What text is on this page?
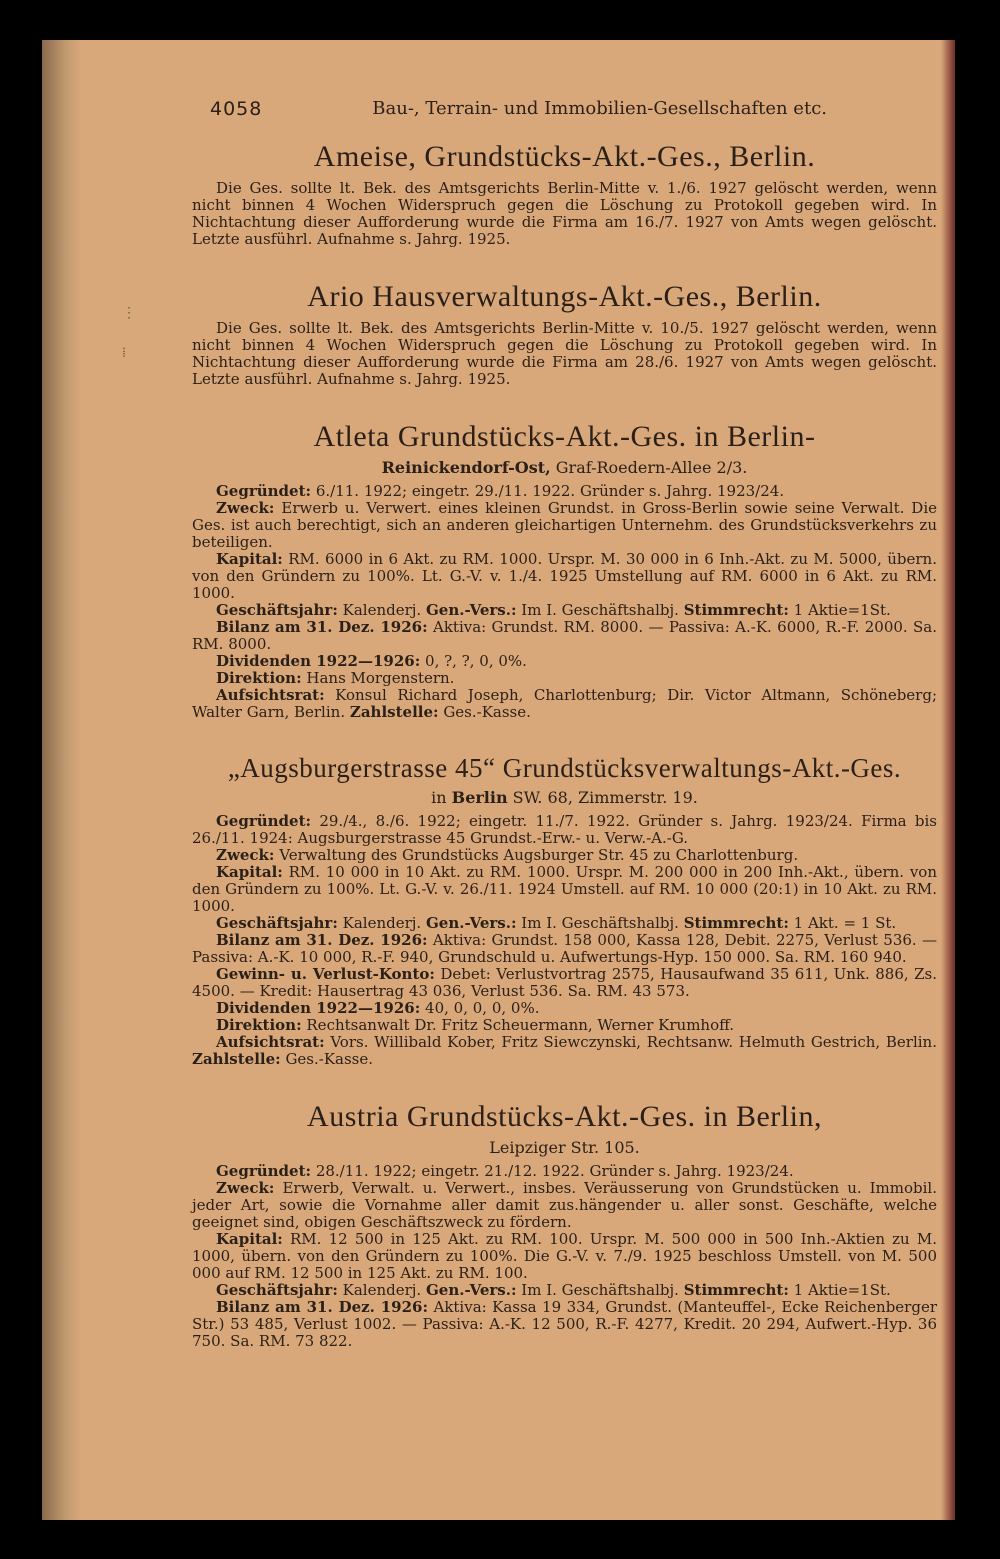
⋮
⁞
4058	Bau-, Terrain- und Immobilien-Gesellschaften etc.
Ameise, Grundstücks-Akt.-Ges., Berlin.

Die Ges. sollte lt. Bek. des Amtsgerichts Berlin-Mitte v. 1./6. 1927 gelöscht werden, wenn nicht binnen 4 Wochen Widerspruch gegen die Löschung zu Protokoll gegeben wird. In Nichtachtung dieser Aufforderung wurde die Firma am 16./7. 1927 von Amts wegen gelöscht. Letzte ausführl. Aufnahme s. Jahrg. 1925.

Ario Hausverwaltungs-Akt.-Ges., Berlin.

Die Ges. sollte lt. Bek. des Amtsgerichts Berlin-Mitte v. 10./5. 1927 gelöscht werden, wenn nicht binnen 4 Wochen Widerspruch gegen die Löschung zu Protokoll gegeben wird. In Nichtachtung dieser Aufforderung wurde die Firma am 28./6. 1927 von Amts wegen gelöscht. Letzte ausführl. Aufnahme s. Jahrg. 1925.

Atleta Grundstücks-Akt.-Ges. in Berlin-
Reinickendorf-Ost, Graf-Roedern-Allee 2/3.

Gegründet: 6./11. 1922; eingetr. 29./11. 1922. Gründer s. Jahrg. 1923/24.

Zweck: Erwerb u. Verwert. eines kleinen Grundst. in Gross-Berlin sowie seine Verwalt. Die Ges. ist auch berechtigt, sich an anderen gleichartigen Unternehm. des Grundstücksverkehrs zu beteiligen.

Kapital: RM. 6000 in 6 Akt. zu RM. 1000. Urspr. M. 30 000 in 6 Inh.-Akt. zu M. 5000, übern. von den Gründern zu 100%. Lt. G.-V. v. 1./4. 1925 Umstellung auf RM. 6000 in 6 Akt. zu RM. 1000.

Geschäftsjahr: Kalenderj. Gen.-Vers.: Im I. Geschäftshalbj. Stimmrecht: 1 Aktie=1St.

Bilanz am 31. Dez. 1926: Aktiva: Grundst. RM. 8000. — Passiva: A.-K. 6000, R.-F. 2000. Sa. RM. 8000.

Dividenden 1922—1926: 0, ?, ?, 0, 0%.

Direktion: Hans Morgenstern.

Aufsichtsrat: Konsul Richard Joseph, Charlottenburg; Dir. Victor Altmann, Schöneberg; Walter Garn, Berlin. Zahlstelle: Ges.-Kasse.

„Augsburgerstrasse 45“ Grundstücksverwaltungs-Akt.-Ges.
in Berlin SW. 68, Zimmerstr. 19.

Gegründet: 29./4., 8./6. 1922; eingetr. 11./7. 1922. Gründer s. Jahrg. 1923/24. Firma bis 26./11. 1924: Augsburgerstrasse 45 Grundst.-Erw.- u. Verw.-A.-G.

Zweck: Verwaltung des Grundstücks Augsburger Str. 45 zu Charlottenburg.

Kapital: RM. 10 000 in 10 Akt. zu RM. 1000. Urspr. M. 200 000 in 200 Inh.-Akt., übern. von den Gründern zu 100%. Lt. G.-V. v. 26./11. 1924 Umstell. auf RM. 10 000 (20:1) in 10 Akt. zu RM. 1000.

Geschäftsjahr: Kalenderj. Gen.-Vers.: Im I. Geschäftshalbj. Stimmrecht: 1 Akt. = 1 St.

Bilanz am 31. Dez. 1926: Aktiva: Grundst. 158 000, Kassa 128, Debit. 2275, Verlust 536. — Passiva: A.-K. 10 000, R.-F. 940, Grundschuld u. Aufwertungs-Hyp. 150 000. Sa. RM. 160 940.

Gewinn- u. Verlust-Konto: Debet: Verlustvortrag 2575, Hausaufwand 35 611, Unk. 886, Zs. 4500. — Kredit: Hausertrag 43 036, Verlust 536. Sa. RM. 43 573.

Dividenden 1922—1926: 40, 0, 0, 0, 0%.

Direktion: Rechtsanwalt Dr. Fritz Scheuermann, Werner Krumhoff.

Aufsichtsrat: Vors. Willibald Kober, Fritz Siewczynski, Rechtsanw. Helmuth Gestrich, Berlin. Zahlstelle: Ges.-Kasse.

Austria Grundstücks-Akt.-Ges. in Berlin,
Leipziger Str. 105.

Gegründet: 28./11. 1922; eingetr. 21./12. 1922. Gründer s. Jahrg. 1923/24.

Zweck: Erwerb, Verwalt. u. Verwert., insbes. Veräusserung von Grundstücken u. Immobil. jeder Art, sowie die Vornahme aller damit zus.hängender u. aller sonst. Geschäfte, welche geeignet sind, obigen Geschäftszweck zu fördern.

Kapital: RM. 12 500 in 125 Akt. zu RM. 100. Urspr. M. 500 000 in 500 Inh.-Aktien zu M. 1000, übern. von den Gründern zu 100%. Die G.-V. v. 7./9. 1925 beschloss Umstell. von M. 500 000 auf RM. 12 500 in 125 Akt. zu RM. 100.

Geschäftsjahr: Kalenderj. Gen.-Vers.: Im I. Geschäftshalbj. Stimmrecht: 1 Aktie=1St.

Bilanz am 31. Dez. 1926: Aktiva: Kassa 19 334, Grundst. (Manteuffel-, Ecke Reichenberger Str.) 53 485, Verlust 1002. — Passiva: A.-K. 12 500, R.-F. 4277, Kredit. 20 294, Aufwert.-Hyp. 36 750. Sa. RM. 73 822.
